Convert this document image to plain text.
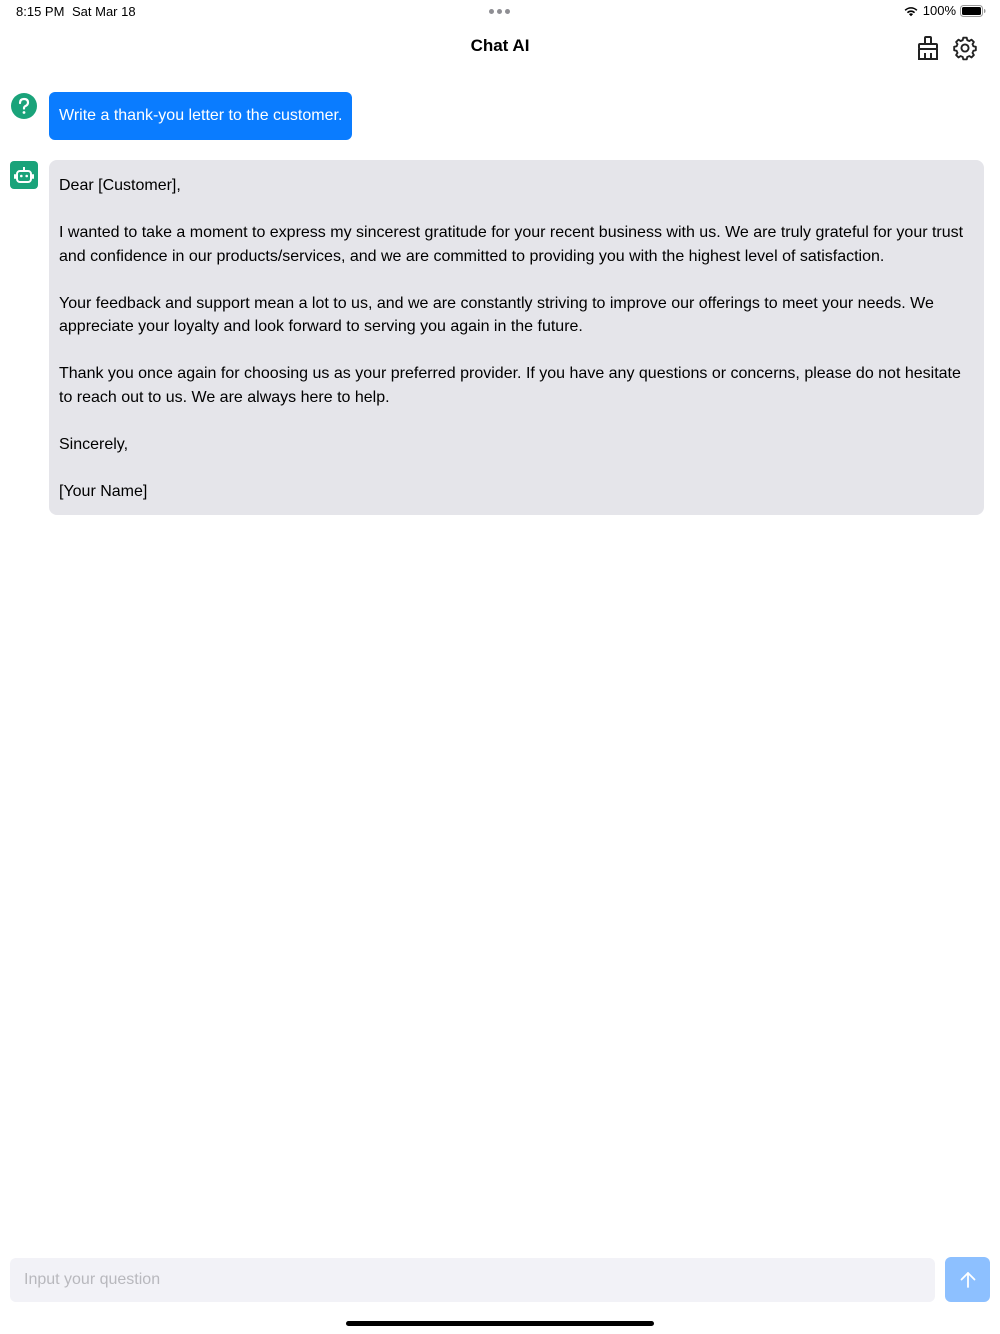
8:15 PM Sat Mar 18	100%
Chat AI
Write a thank-you letter to the customer.

Dear [Customer],

I wanted to take a moment to express my sincerest gratitude for your recent business with us. We are truly grateful for your trust and confidence in our products/services, and we are committed to providing you with the highest level of satisfaction.

Your feedback and support mean a lot to us, and we are constantly striving to improve our offerings to meet your needs. We appreciate your loyalty and look forward to serving you again in the future.

Thank you once again for choosing us as your preferred provider. If you have any questions or concerns, please do not hesitate to reach out to us. We are always here to help.

Sincerely,

[Your Name]

Input your question
